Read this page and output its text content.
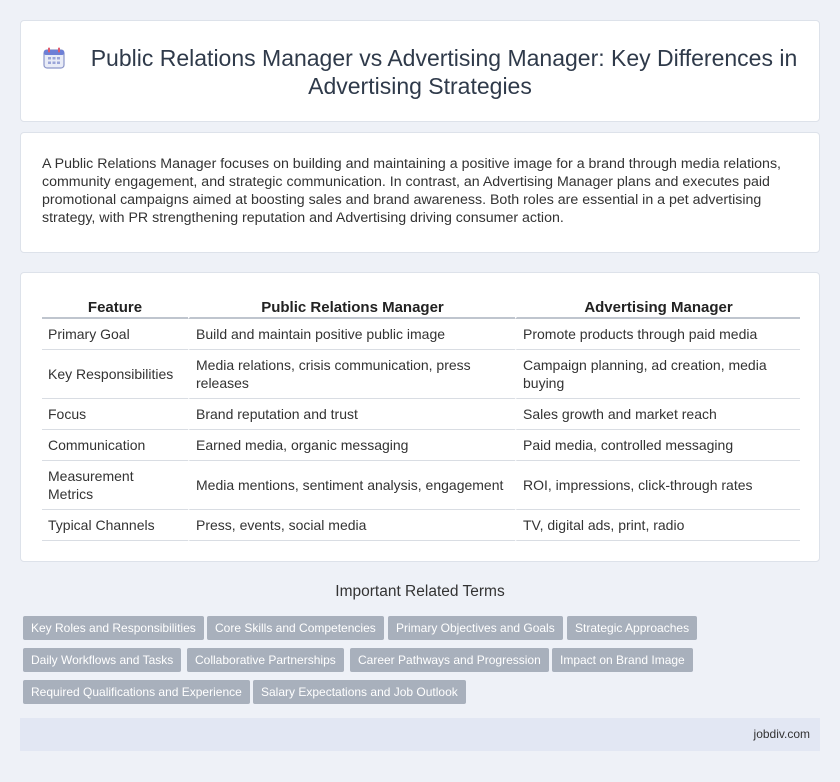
Public Relations Manager vs Advertising Manager: Key Differences in Advertising Strategies

A Public Relations Manager focuses on building and maintaining a positive image for a brand through media relations, community engagement, and strategic communication. In contrast, an Advertising Manager plans and executes paid promotional campaigns aimed at boosting sales and brand awareness. Both roles are essential in a pet advertising strategy, with PR strengthening reputation and Advertising driving consumer action.

Feature	Public Relations Manager	Advertising Manager
Primary Goal	Build and maintain positive public image	Promote products through paid media
Key Responsibilities	Media relations, crisis communication, press releases	Campaign planning, ad creation, media buying
Focus	Brand reputation and trust	Sales growth and market reach
Communication	Earned media, organic messaging	Paid media, controlled messaging
Measurement Metrics	Media mentions, sentiment analysis, engagement	ROI, impressions, click-through rates
Typical Channels	Press, events, social media	TV, digital ads, print, radio
Important Related Terms
Key Roles and Responsibilities	Core Skills and Competencies	Primary Objectives and Goals	Strategic Approaches
Daily Workflows and Tasks	Collaborative Partnerships	Career Pathways and Progression	Impact on Brand Image
Required Qualifications and Experience	Salary Expectations and Job Outlook
jobdiv.com
